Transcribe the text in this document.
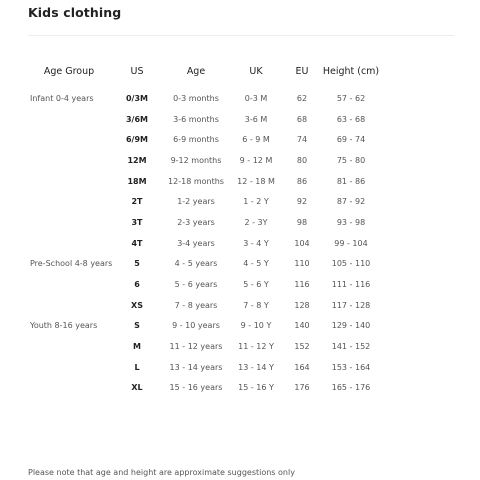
Kids clothing
Age Group	US	Age	UK	EU	Height (cm)

Infant 0-4 years	0/3M	0-3 months	0-3 M	62	57 - 62
	3/6M	3-6 months	3-6 M	68	63 - 68
	6/9M	6-9 months	6 - 9 M	74	69 - 74
	12M	9-12 months	9 - 12 M	80	75 - 80
	18M	12-18 months	12 - 18 M	86	81 - 86
	2T	1-2 years	1 - 2 Y	92	87 - 92
	3T	2-3 years	2 - 3Y	98	93 - 98
	4T	3-4 years	3 - 4 Y	104	99 - 104
Pre-School 4-8 years	5	4 - 5 years	4 - 5 Y	110	105 - 110
	6	5 - 6 years	5 - 6 Y	116	111 - 116
	XS	7 - 8 years	7 - 8 Y	128	117 - 128
Youth 8-16 years	S	9 - 10 years	9 - 10 Y	140	129 - 140
	M	11 - 12 years	11 - 12 Y	152	141 - 152
	L	13 - 14 years	13 - 14 Y	164	153 - 164
	XL	15 - 16 years	15 - 16 Y	176	165 - 176
Please note that age and height are approximate suggestions only
